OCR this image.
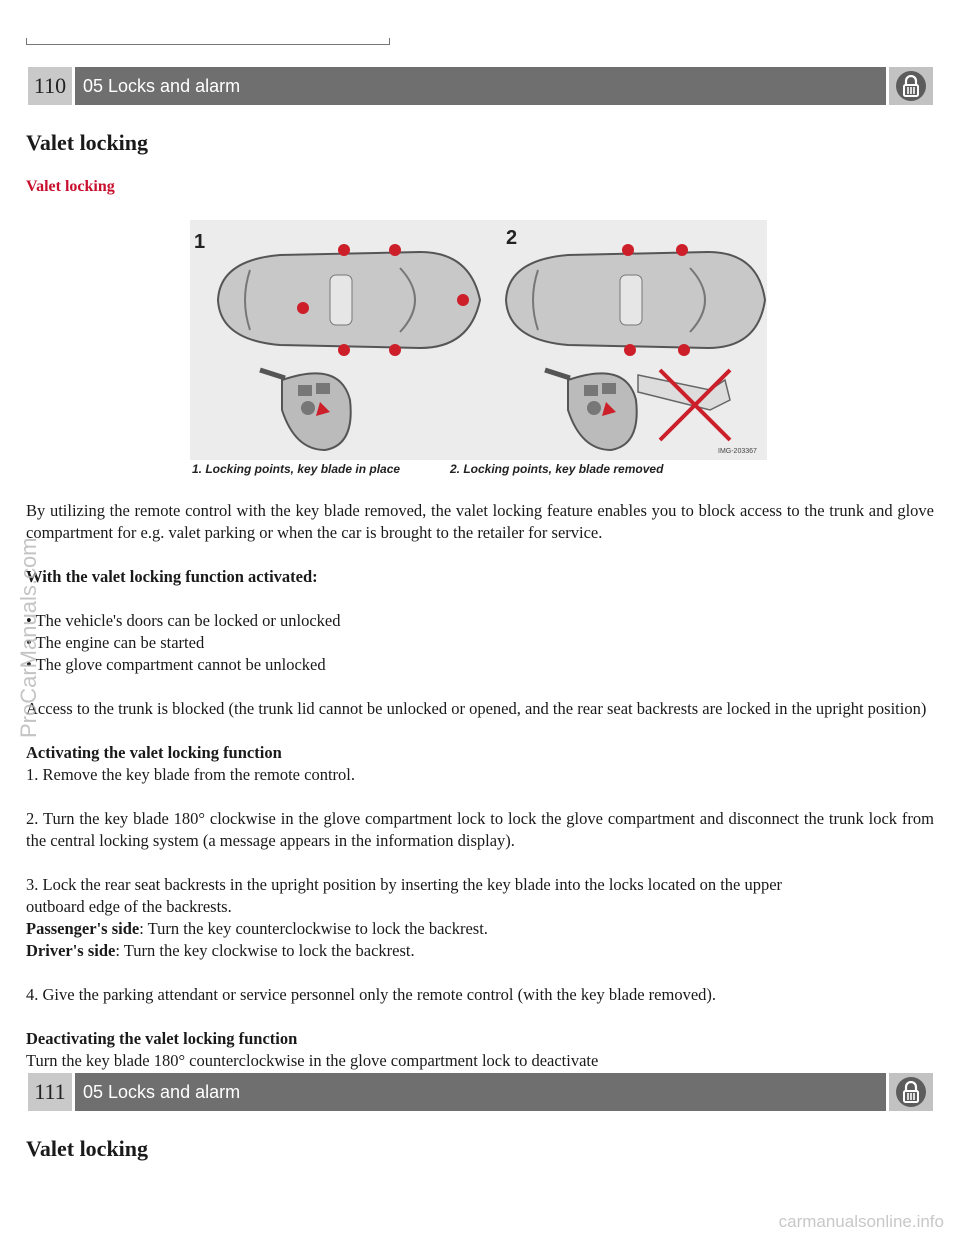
110 05 Locks and alarm
Valet locking
Valet locking
1	2
IMG-203367
1. Locking points, key blade in place	2. Locking points, key blade removed

By utilizing the remote control with the key blade removed, the valet locking feature enables you to block access to the trunk and glove compartment for e.g. valet parking or when the car is brought to the retailer for service.

With the valet locking function activated:

• The vehicle's doors can be locked or unlocked

• The engine can be started

• The glove compartment cannot be unlocked

Access to the trunk is blocked (the trunk lid cannot be unlocked or opened, and the rear seat backrests are locked in the upright position)

Activating the valet locking function

1. Remove the key blade from the remote control.

2. Turn the key blade 180° clockwise in the glove compartment lock to lock the glove compartment and disconnect the trunk lock from the central locking system (a message appears in the information display).

3. Lock the rear seat backrests in the upright position by inserting the key blade into the locks located on the upper

outboard edge of the backrests.

Passenger's side: Turn the key counterclockwise to lock the backrest.

Driver's side: Turn the key clockwise to lock the backrest.

4. Give the parking attendant or service personnel only the remote control (with the key blade removed).

Deactivating the valet locking function

Turn the key blade 180° counterclockwise in the glove compartment lock to deactivate

111 05 Locks and alarm
Valet locking
ProCarManuals.com
carmanualsonline.info
